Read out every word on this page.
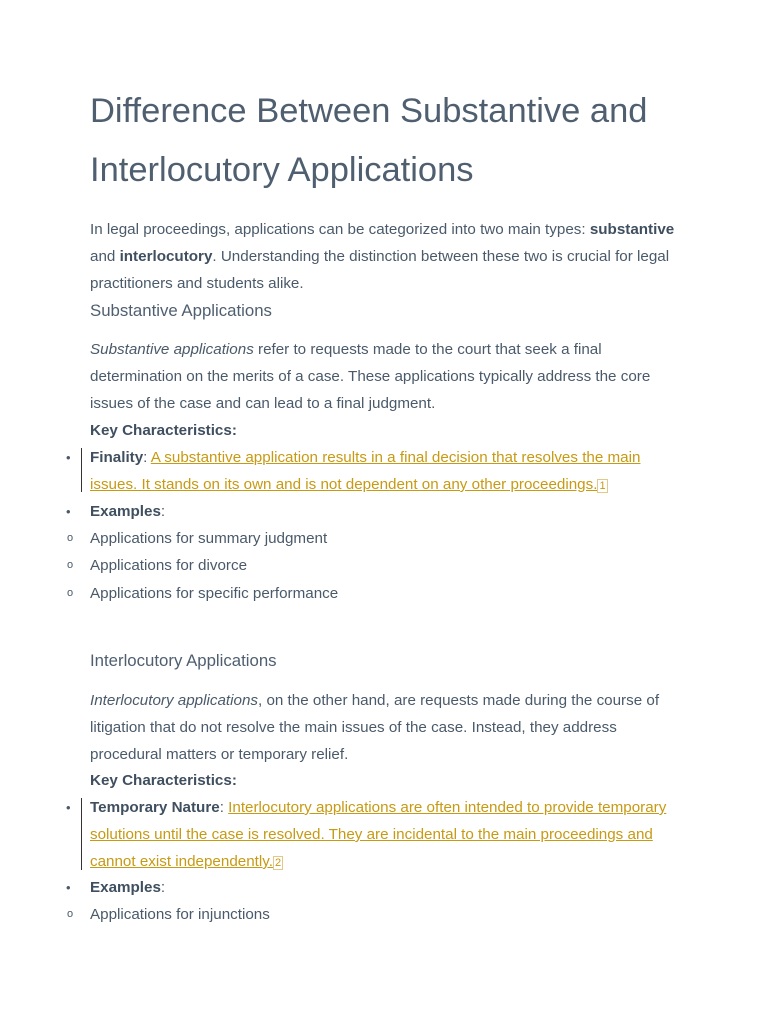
Difference Between Substantive and Interlocutory Applications

In legal proceedings, applications can be categorized into two main types: substantive and interlocutory. Understanding the distinction between these two is crucial for legal practitioners and students alike.

Substantive Applications

Substantive applications refer to requests made to the court that seek a final determination on the merits of a case. These applications typically address the core issues of the case and can lead to a final judgment.

Key Characteristics:
• Finality: A substantive application results in a final decision that resolves the main issues. It stands on its own and is not dependent on any other proceedings. 1

• Examples:
o Applications for summary judgment
o Applications for divorce
o Applications for specific performance
Interlocutory Applications

Interlocutory applications, on the other hand, are requests made during the course of litigation that do not resolve the main issues of the case. Instead, they address procedural matters or temporary relief.

Key Characteristics:
• Temporary Nature: Interlocutory applications are often intended to provide temporary solutions until the case is resolved. They are incidental to the main proceedings and cannot exist independently. 2

• Examples:
o Applications for injunctions
